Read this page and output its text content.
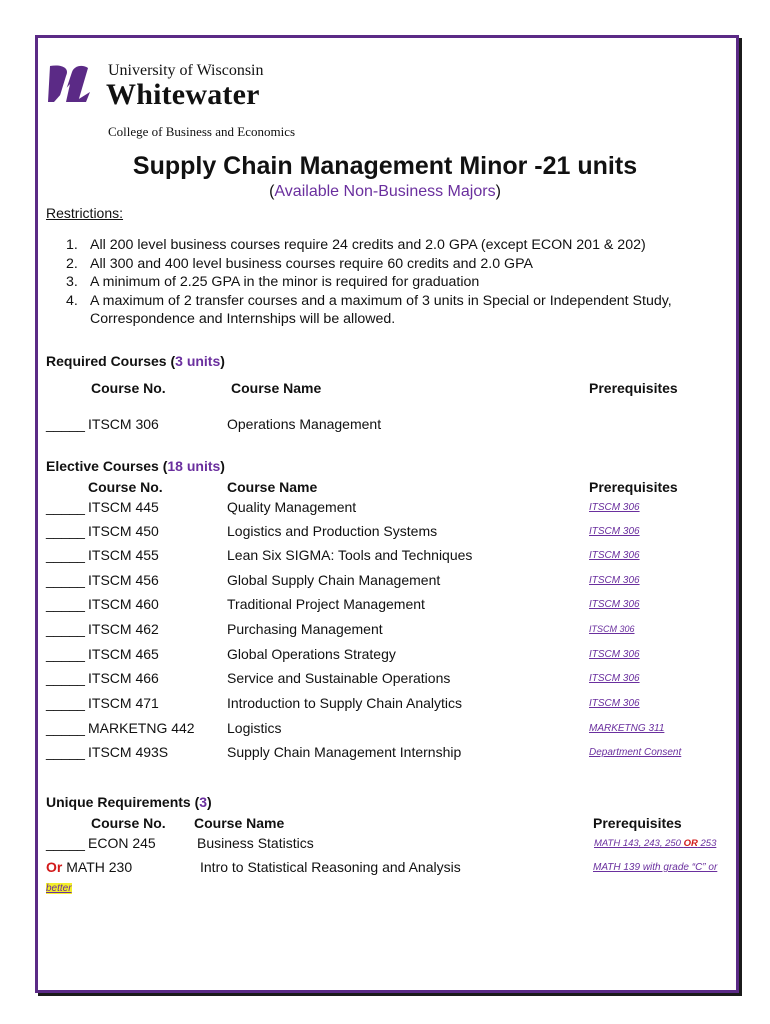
University of Wisconsin
Whitewater
College of Business and Economics
Supply Chain Management Minor -21 units
(Available Non-Business Majors)
Restrictions:
1. All 200 level business courses require 24 credits and 2.0 GPA (except ECON 201 & 202)
2. All 300 and 400 level business courses require 60 credits and 2.0 GPA
3. A minimum of 2.25 GPA in the minor is required for graduation
4. A maximum of 2 transfer courses and a maximum of 3 units in Special or Independent Study,
Correspondence and Internships will be allowed.
Required Courses (3 units)
Course No.	Course Name	Prerequisites
_____ ITSCM 306	Operations Management
Elective Courses (18 units)
Course No.	Course Name	Prerequisites
_____ ITSCM 445	Quality Management	ITSCM 306
_____ ITSCM 450	Logistics and Production Systems	ITSCM 306
_____ ITSCM 455	Lean Six SIGMA: Tools and Techniques	ITSCM 306
_____ ITSCM 456	Global Supply Chain Management	ITSCM 306
_____ ITSCM 460	Traditional Project Management	ITSCM 306
_____ ITSCM 462	Purchasing Management	ITSCM 306
_____ ITSCM 465	Global Operations Strategy	ITSCM 306
_____ ITSCM 466	Service and Sustainable Operations	ITSCM 306
_____ ITSCM 471	Introduction to Supply Chain Analytics	ITSCM 306
_____ MARKETNG 442 Logistics	MARKETNG 311
_____ ITSCM 493S	Supply Chain Management Internship	Department Consent
Unique Requirements (3)
Course No. Course Name	Prerequisites
_____ ECON 245	Business Statistics	MATH 143, 243, 250 OR 253
Or MATH 230	Intro to Statistical Reasoning and Analysis	MATH 139 with grade “C” or
better
